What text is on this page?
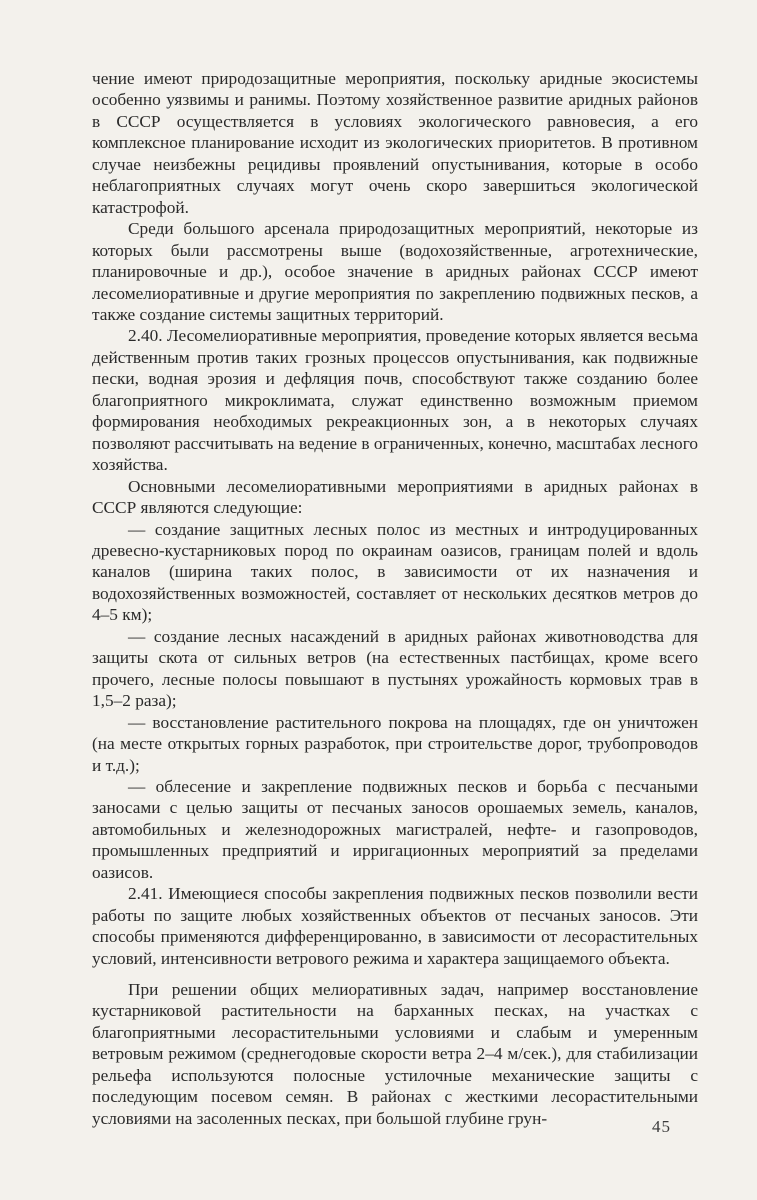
чение имеют природозащитные мероприятия, поскольку аридные экосистемы особенно уязвимы и ранимы. Поэтому хозяйственное развитие аридных районов в СССР осуществляется в условиях экологического равновесия, а его комплексное планирование исходит из экологических приоритетов. В противном случае неизбежны рецидивы проявлений опустынивания, которые в особо неблагоприятных случаях могут очень скоро завершиться экологической катастрофой.

Среди большого арсенала природозащитных мероприятий, некоторые из которых были рассмотрены выше (водохозяйственные, агротехнические, планировочные и др.), особое значение в аридных районах СССР имеют лесомелиоративные и другие мероприятия по закреплению подвижных песков, а также создание системы защитных территорий.

2.40. Лесомелиоративные мероприятия, проведение которых является весьма действенным против таких грозных процессов опустынивания, как подвижные пески, водная эрозия и дефляция почв, способствуют также созданию более благоприятного микроклимата, служат единственно возможным приемом формирования необходимых рекреакционных зон, а в некоторых случаях позволяют рассчитывать на ведение в ограниченных, конечно, масштабах лесного хозяйства.

Основными лесомелиоративными мероприятиями в аридных районах в СССР являются следующие:

— создание защитных лесных полос из местных и интродуцированных древесно-кустарниковых пород по окраинам оазисов, границам полей и вдоль каналов (ширина таких полос, в зависимости от их назначения и водохозяйственных возможностей, составляет от нескольких десятков метров до 4–5 км);

— создание лесных насаждений в аридных районах животноводства для защиты скота от сильных ветров (на естественных пастбищах, кроме всего прочего, лесные полосы повышают в пустынях урожайность кормовых трав в 1,5–2 раза);

— восстановление растительного покрова на площадях, где он уничтожен (на месте открытых горных разработок, при строительстве дорог, трубопроводов и т.д.);

— облесение и закрепление подвижных песков и борьба с песчаными заносами с целью защиты от песчаных заносов орошаемых земель, каналов, автомобильных и железнодорожных магистралей, нефте- и газопроводов, промышленных предприятий и ирригационных мероприятий за пределами оазисов.

2.41. Имеющиеся способы закрепления подвижных песков позволили вести работы по защите любых хозяйственных объектов от песчаных заносов. Эти способы применяются дифференцированно, в зависимости от лесорастительных условий, интенсивности ветрового режима и характера защищаемого объекта.

При решении общих мелиоративных задач, например восстановление кустарниковой растительности на барханных песках, на участках с благоприятными лесорастительными условиями и слабым и умеренным ветровым режимом (среднегодовые скорости ветра 2–4 м/сек.), для стабилизации рельефа используются полосные устилочные механические защиты с последующим посевом семян. В районах с жесткими лесорастительными условиями на засоленных песках, при большой глубине грун-	45
